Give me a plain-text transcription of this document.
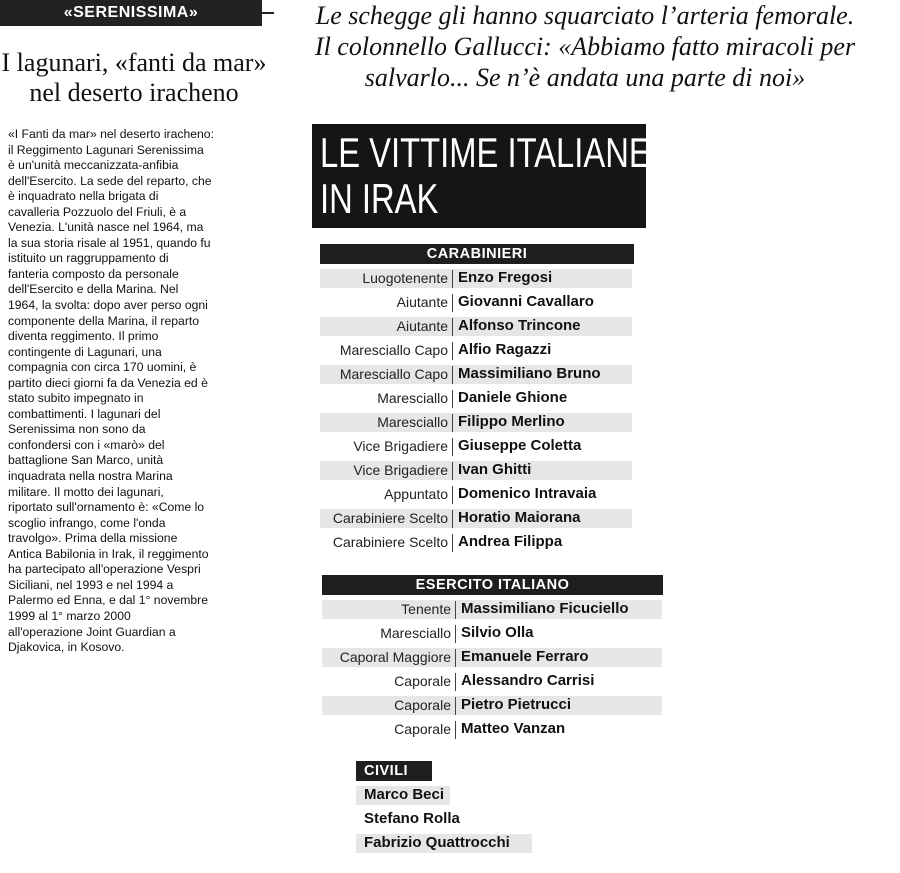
«SERENISSIMA»	Le schegge gli hanno squarciato l’arteria femorale.
Il colonnello Gallucci: «Abbiamo fatto miracoli per
salvarlo... Se n’è andata una parte di noi»
I lagunari, «fanti da mar»
nel deserto iracheno
«I Fanti da mar» nel deserto iracheno:
il Reggimento Lagunari Serenissima
è un'unità meccanizzata-anfibia
dell'Esercito. La sede del reparto, che
è inquadrato nella brigata di
cavalleria Pozzuolo del Friuli, è a
Venezia. L'unità nasce nel 1964, ma
la sua storia risale al 1951, quando fu
istituito un raggruppamento di
fanteria composto da personale
dell'Esercito e della Marina. Nel
1964, la svolta: dopo aver perso ogni
componente della Marina, il reparto
diventa reggimento. Il primo
contingente di Lagunari, una
compagnia con circa 170 uomini, è
partito dieci giorni fa da Venezia ed è
stato subito impegnato in
combattimenti. I lagunari del
Serenissima non sono da
confondersi con i «marò» del
battaglione San Marco, unità
inquadrata nella nostra Marina
militare. Il motto dei lagunari,
riportato sull'ornamento è: «Come lo
scoglio infrango, come l'onda
travolgo». Prima della missione
Antica Babilonia in Irak, il reggimento
ha partecipato all'operazione Vespri
Siciliani, nel 1993 e nel 1994 a
Palermo ed Enna, e dal 1° novembre
1999 al 1° marzo 2000
all'operazione Joint Guardian a
Djakovica, in Kosovo.
LE VITTIME ITALIANE
IN IRAK
CARABINIERI
Luogotenente Enzo Fregosi
Aiutante Giovanni Cavallaro
Aiutante Alfonso Trincone
Maresciallo Capo Alfio Ragazzi
Maresciallo Capo Massimiliano Bruno
Maresciallo Daniele Ghione
Maresciallo Filippo Merlino
Vice Brigadiere Giuseppe Coletta
Vice Brigadiere Ivan Ghitti
Appuntato Domenico Intravaia
Carabiniere Scelto Horatio Maiorana
Carabiniere Scelto Andrea Filippa
ESERCITO ITALIANO
Tenente Massimiliano Ficuciello
Maresciallo Silvio Olla
Caporal Maggiore Emanuele Ferraro
Caporale Alessandro Carrisi
Caporale Pietro Pietrucci
Caporale Matteo Vanzan
CIVILI
Marco Beci
Stefano Rolla
Fabrizio Quattrocchi
